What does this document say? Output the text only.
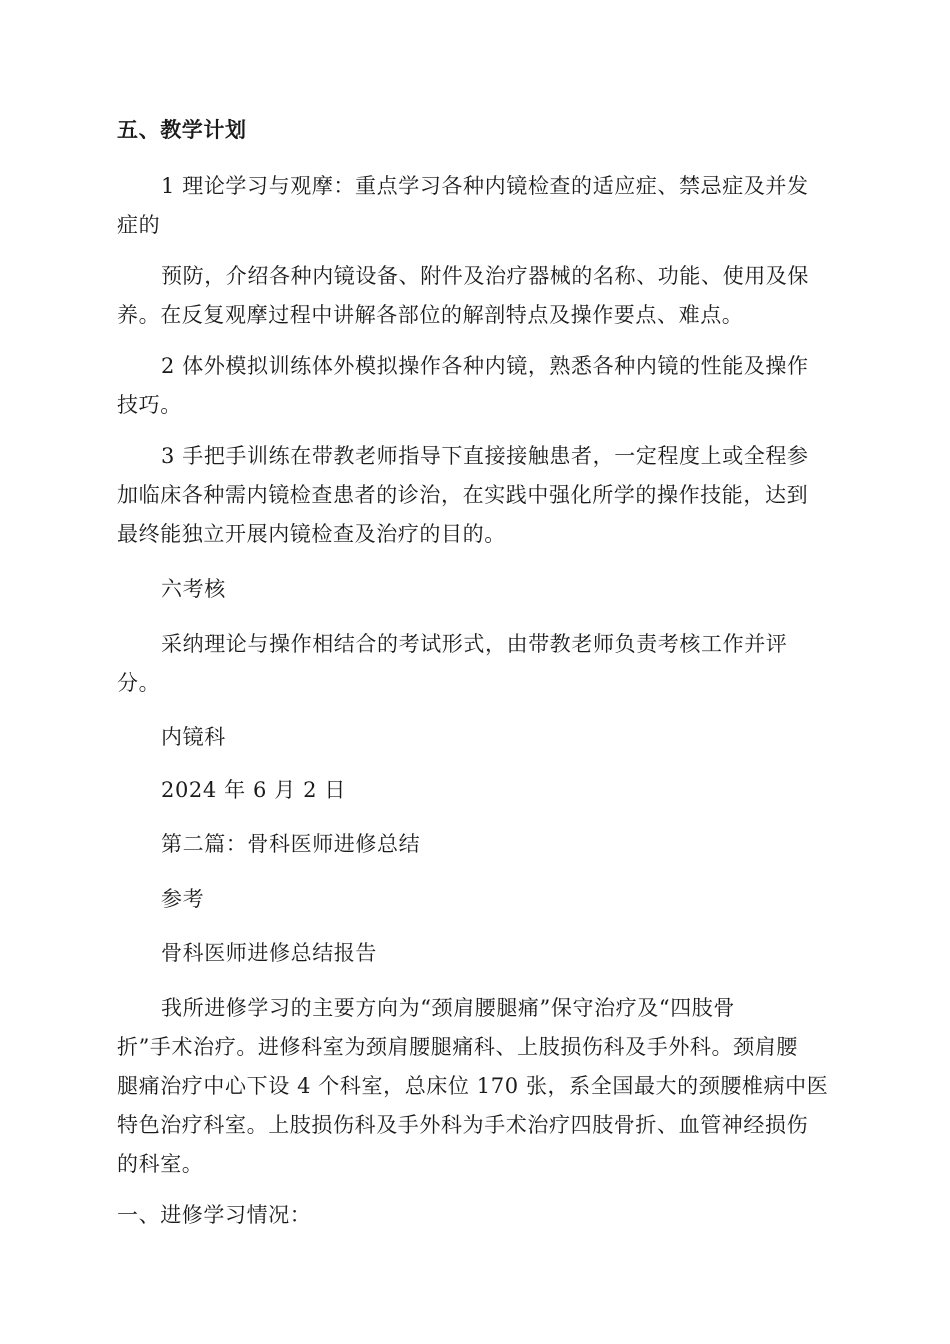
五、教学计划

1 理论学习与观摩：重点学习各种内镜检查的适应症、禁忌症及并发
症的
预防，介绍各种内镜设备、附件及治疗器械的名称、功能、使用及保
养。在反复观摩过程中讲解各部位的解剖特点及操作要点、难点。
2 体外模拟训练体外模拟操作各种内镜，熟悉各种内镜的性能及操作
技巧。
3 手把手训练在带教老师指导下直接接触患者，一定程度上或全程参
加临床各种需内镜检查患者的诊治，在实践中强化所学的操作技能，达到
最终能独立开展内镜检查及治疗的目的。

六考核

采纳理论与操作相结合的考试形式，由带教老师负责考核工作并评
分。

内镜科

2024 年 6 月 2 日

第二篇：骨科医师进修总结

参考

骨科医师进修总结报告

我所进修学习的主要方向为“颈肩腰腿痛”保守治疗及“四肢骨
折”手术治疗。进修科室为颈肩腰腿痛科、上肢损伤科及手外科。颈肩腰
腿痛治疗中心下设 4 个科室，总床位 170 张，系全国最大的颈腰椎病中医
特色治疗科室。上肢损伤科及手外科为手术治疗四肢骨折、血管神经损伤
的科室。

一、进修学习情况：
